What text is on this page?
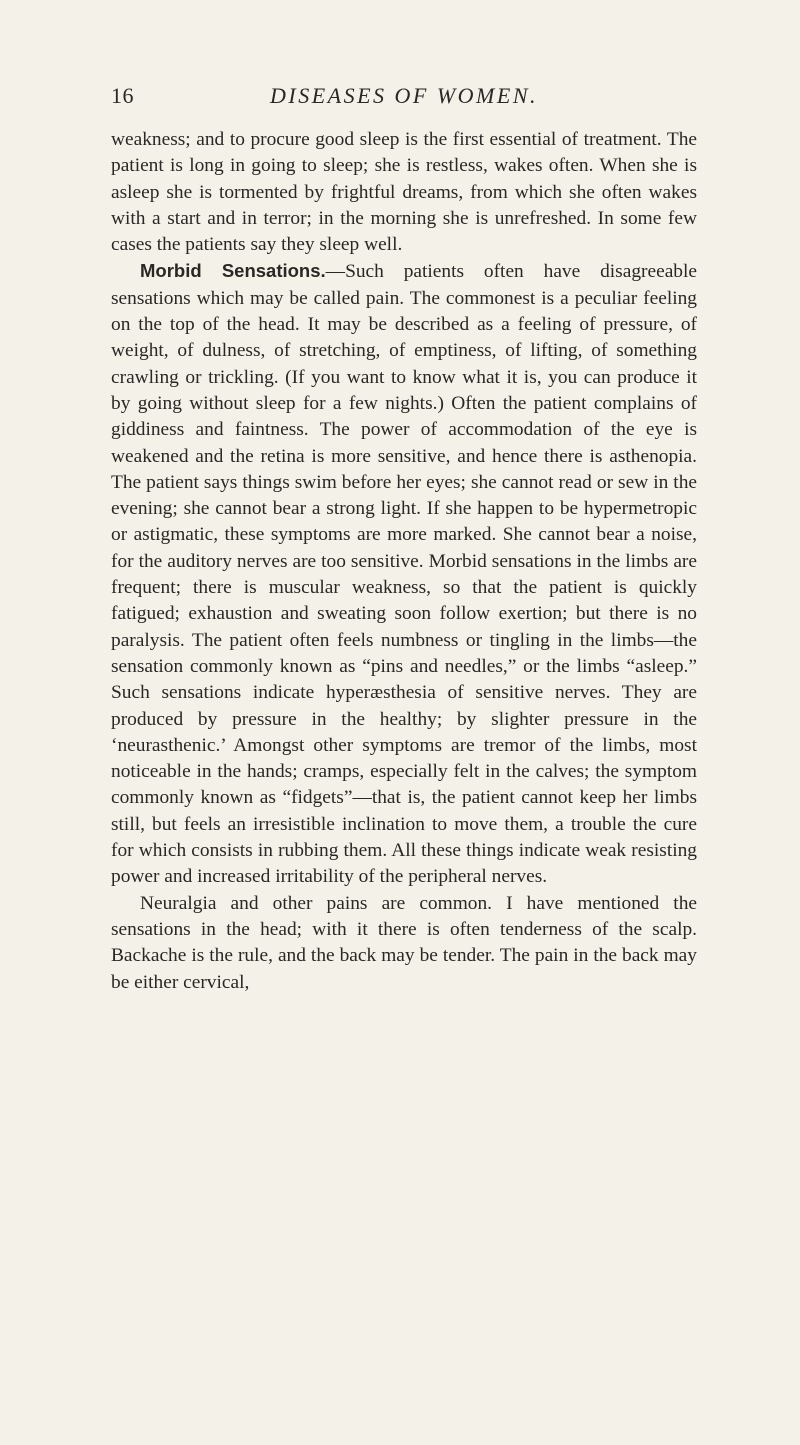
16	DISEASES OF WOMEN.

weakness; and to procure good sleep is the first essential of treatment. The patient is long in going to sleep; she is restless, wakes often. When she is asleep she is tormented by frightful dreams, from which she often wakes with a start and in terror; in the morning she is unrefreshed. In some few cases the patients say they sleep well.

Morbid Sensations.—Such patients often have disagreeable sensations which may be called pain. The commonest is a peculiar feeling on the top of the head. It may be described as a feeling of pressure, of weight, of dulness, of stretching, of emptiness, of lifting, of something crawling or trickling. (If you want to know what it is, you can produce it by going without sleep for a few nights.) Often the patient complains of giddiness and faintness. The power of accommodation of the eye is weakened and the retina is more sensitive, and hence there is asthenopia. The patient says things swim before her eyes; she cannot read or sew in the evening; she cannot bear a strong light. If she happen to be hypermetropic or astigmatic, these symptoms are more marked. She cannot bear a noise, for the auditory nerves are too sensitive. Morbid sensations in the limbs are frequent; there is muscular weakness, so that the patient is quickly fatigued; exhaustion and sweating soon follow exertion; but there is no paralysis. The patient often feels numbness or tingling in the limbs—the sensation commonly known as “pins and needles,” or the limbs “asleep.” Such sensations indicate hyperæsthesia of sensitive nerves. They are produced by pressure in the healthy; by slighter pressure in the ‘neurasthenic.’ Amongst other symptoms are tremor of the limbs, most noticeable in the hands; cramps, especially felt in the calves; the symptom commonly known as “fidgets”—that is, the patient cannot keep her limbs still, but feels an irresistible inclination to move them, a trouble the cure for which consists in rubbing them. All these things indicate weak resisting power and increased irritability of the peripheral nerves.

Neuralgia and other pains are common. I have mentioned the sensations in the head; with it there is often tenderness of the scalp. Backache is the rule, and the back may be tender. The pain in the back may be either cervical,
